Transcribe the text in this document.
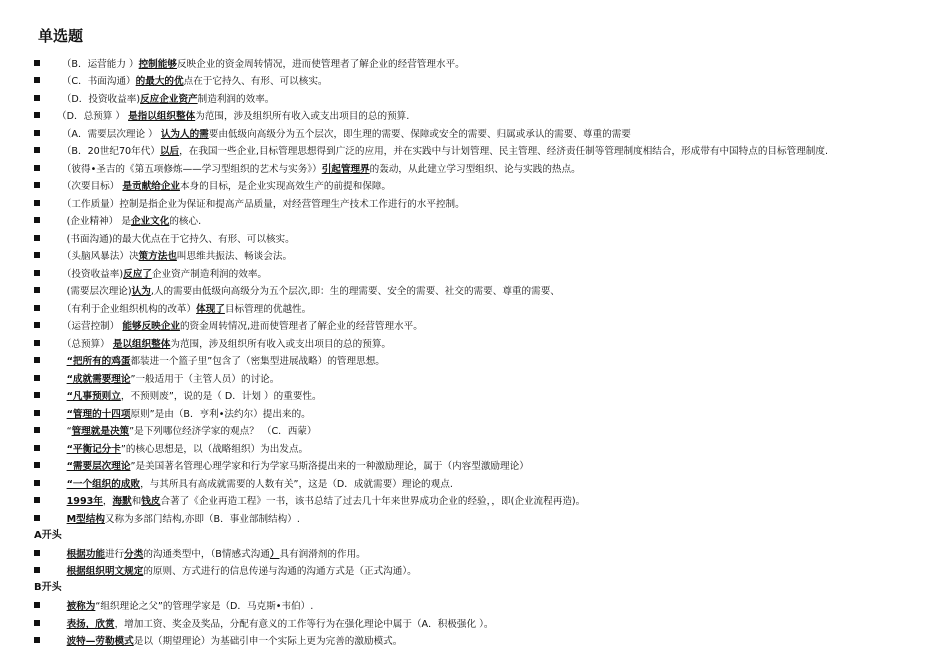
单选题
　（B．运营能力 ）控制能够反映企业的资金周转情况，进而使管理者了解企业的经营管理水平。
　（C．书面沟通）的最大的优点在于它持久、有形、可以核实。
　（D．投资收益率)反应企业资产制造利润的效率。
（D．总预算 ） 是指以组织整体为范围，涉及组织所有收入或支出项目的总的预算.
　（A．需要层次理论 ） 认为人的需要由低级向高级分为五个层次，即生理的需要、保障或安全的需要、归属或承认的需要、尊重的需要
　（B．20世纪70年代）以后，在我国一些企业,目标管理思想得到广泛的应用，并在实践中与计划管理、民主管理、经济责任制等管理制度相结合，形成带有中国特点的目标管理制度.
　（彼得•圣吉的《第五项修炼——学习型组织的艺术与实务》）引起管理界的轰动，从此建立学习型组织、论与实践的热点。
　（次要目标） 是贡献给企业本身的目标，是企业实现高效生产的前提和保障。
　（工作质量）控制是指企业为保证和提高产品质量，对经营管理生产技术工作进行的水平控制。
　(企业精神） 是企业文化的核心.
　(书面沟通)的最大优点在于它持久、有形、可以核实。
　（头脑风暴法）决策方法也叫思维共振法、畅谈会法。
　（投资收益率)反应了企业资产制造利润的效率。
　(需要层次理论)认为,人的需要由低级向高级分为五个层次,即：生的理需要、安全的需要、社交的需要、尊重的需要、
　（有利于企业组织机构的改革）体现了目标管理的优越性。
　（运营控制） 能够反映企业的资金周转情况,进而使管理者了解企业的经营管理水平。
　（总预算） 是以组织整体为范围，涉及组织所有收入或支出项目的总的预算。
　“把所有的鸡蛋都装进一个篮子里”包含了（密集型进展战略）的管理思想。
　“成就需要理论”一般适用于（主管人员）的讨论。
　“凡事预则立，不预则废”，说的是（ D．计划 ）的重要性。
　“管理的十四项原则”是由（B．亨利•法约尔）提出来的。
　“管理就是决策”是下列哪位经济学家的观点？ （C．西蒙）
　“平衡记分卡”的核心思想是，以（战略组织）为出发点。
　“需要层次理论”是美国著名管理心理学家和行为学家马斯洛提出来的一种激励理论，属于（内容型激励理论）
　“一个组织的成败，与其所具有高成就需要的人数有关”，这是（D．成就需要）理论的观点.
　1993年，海默和钱皮合著了《企业再造工程》一书，该书总结了过去几十年来世界成功企业的经验，，即(企业流程再造)。
　M型结构又称为多部门结构,亦即（B．事业部制结构）.
A开头
　根据功能进行分类的沟通类型中，（B情感式沟通）具有润滑剂的作用。
　根据组织明文规定的原则、方式进行的信息传递与沟通的沟通方式是（正式沟通）。
B开头
　被称为“组织理论之父”的管理学家是（D．马克斯•韦伯）.
　表扬，欣赏，增加工资、奖金及奖品，分配有意义的工作等行为在强化理论中属于（A．积极强化 ）。
　波特—劳勒模式是以（期望理论）为基础引申一个实际上更为完善的激励模式。
